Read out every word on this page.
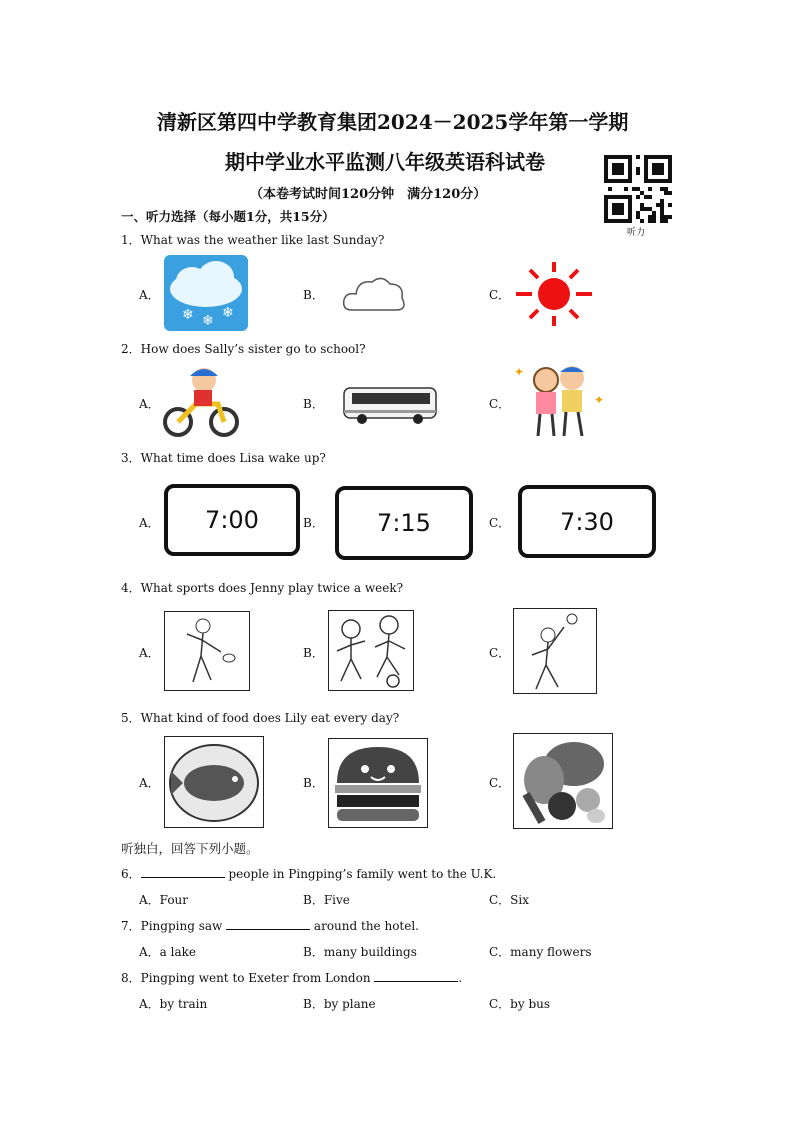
清新区第四中学教育集团2024－2025学年第一学期
期中学业水平监测八年级英语科试卷
（本卷考试时间120分钟　满分120分）
听力
一、听力选择（每小题1分，共15分）
1．What was the weather like last Sunday?
A．	B．	C．
❄ ❄ ❄
2．How does Sally’s sister go to school?
A．	B．	C．
✦
✦
3．What time does Lisa wake up?
A．	B．	C．
7:00	7:15	7:30
4．What sports does Jenny play twice a week?
A．	B．	C．
5．What kind of food does Lily eat every day?
A．	B．	C．
听独白，回答下列小题。
6．	people in Pingping’s family went to the U.K.
A．Four	B．Five	C．Six
7．Pingping saw	around the hotel.
A．a lake	B．many buildings	C．many flowers
8．Pingping went to Exeter from London	.
A．by train	B．by plane	C．by bus
